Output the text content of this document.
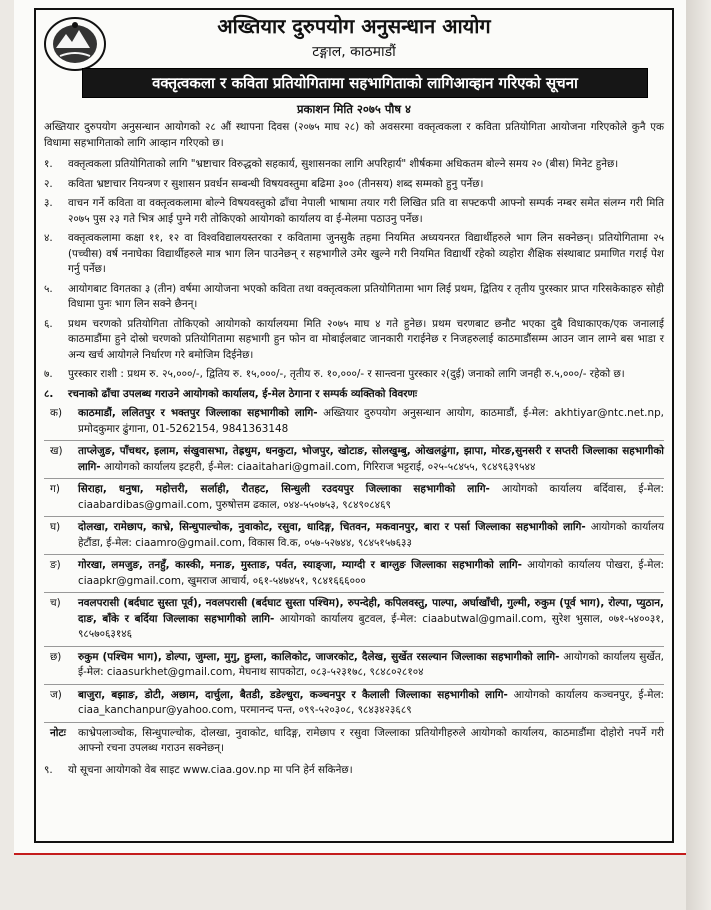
अख्तियार दुरुपयोग अनुसन्धान आयोग
टङ्गाल, काठमाडौं
वक्तृत्वकला र कविता प्रतियोगितामा सहभागिताको लागिआव्हान गरिएको सूचना
प्रकाशन मिति २०७५ पौष ४

अख्तियार दुरुपयोग अनुसन्धान आयोगको २८ औं स्थापना दिवस (२०७५ माघ २८) को अवसरमा वक्तृत्वकला र कविता प्रतियोगिता आयोजना गरिएकोले कुनै एक विधामा सहभागिताको लागि आव्हान गरिएको छ।

१.	वक्तृत्वकला प्रतियोगिताको लागि "भ्रष्टाचार विरुद्धको सहकार्य, सुशासनका लागि अपरिहार्य" शीर्षकमा अधिकतम बोल्ने समय २० (बीस) मिनेट हुनेछ।
२.	कविता भ्रष्टाचार नियन्त्रण र सुशासन प्रवर्धन सम्बन्धी विषयवस्तुमा बढिमा ३०० (तीनसय) शब्द सम्मको हुनु पर्नेछ।
३.	वाचन गर्ने कविता वा वक्तृत्वकलामा बोल्ने विषयवस्तुको ढाँचा नेपाली भाषामा तयार गरी लिखित प्रति वा सफ्टकपी आफ्नो सम्पर्क नम्बर समेत संलग्न गरी मिति २०७५ पुस २३ गते भित्र आई पुग्ने गरी तोकिएको आयोगको कार्यालय वा ई-मेलमा पठाउनु पर्नेछ।
४.	वक्तृत्वकलामा कक्षा ११, १२ वा विश्वविद्यालयस्तरका र कवितामा जुनसुकै तहमा नियमित अध्ययनरत विद्यार्थीहरुले भाग लिन सक्नेछन्। प्रतियोगितामा २५ (पच्चीस) वर्ष ननाघेका विद्यार्थीहरुले मात्र भाग लिन पाउनेछन् र सहभागीले उमेर खुल्ने गरी नियमित विद्यार्थी रहेको व्यहोरा शैक्षिक संस्थाबाट प्रमाणित गराई पेश गर्नु पर्नेछ।
५.	आयोगबाट विगतका ३ (तीन) वर्षमा आयोजना भएको कविता तथा वक्तृत्वकला प्रतियोगितामा भाग लिई प्रथम, द्वितिय र तृतीय पुरस्कार प्राप्त गरिसकेकाहरु सोही विधामा पुनः भाग लिन सक्ने छैनन्।
६.	प्रथम चरणको प्रतियोगिता तोकिएको आयोगको कार्यालयमा मिति २०७५ माघ ४ गते हुनेछ। प्रथम चरणबाट छनौट भएका दुबै विधाकाएक/एक जनालाई काठमाडौंमा हुने दोस्रो चरणको प्रतियोगितामा सहभागी हुन फोन वा मोबाईलबाट जानकारी गराईनेछ र निजहरुलाई काठमाडौंसम्म आउन जान लाग्ने बस भाडा र अन्य खर्च आयोगले निर्धारण गरे बमोजिम दिईनेछ।
७.	पुरस्कार राशी : प्रथम रु. २५,०००/-, द्वितिय रु. १५,०००/-, तृतीय रु. १०,०००/- र सान्त्वना पुरस्कार २(दुई) जनाको लागि जनही रु.५,०००/- रहेको छ।
८.	रचनाको ढाँचा उपलब्ध गराउने आयोगको कार्यालय, ई-मेल ठेगाना र सम्पर्क व्यक्तिको विवरणः
क)	काठमाडौं, ललितपुर र भक्तपुर जिल्लाका सहभागीको लागि- अख्तियार दुरुपयोग अनुसन्धान आयोग, काठमाडौं, ई-मेल: akhtiyar@ntc.net.np, प्रमोदकुमार ढुंगाना, 01-5262154, 9841363148
ख)	ताप्लेजुङ, पाँचथर, इलाम, संखुवासभा, तेह्रथुम, धनकुटा, भोजपुर, खोटाङ, सोलखुम्बु, ओखलढुंगा, झापा, मोरङ,सुनसरी र सप्तरी जिल्लाका सहभागीको लागि- आयोगको कार्यालय इटहरी, ई-मेल: ciaaitahari@gmail.com, गिरिराज भट्टराई, ०२५-५८४५५, ९८४९६३९५४४
ग)	सिराहा, धनुषा, महोत्तरी, सर्लाही, रौतहट, सिन्धुली रउदयपुर जिल्लाका सहभागीको लागि- आयोगको कार्यालय बर्दिवास, ई-मेल: ciaabardibas@gmail.com, पुरुषोत्तम ढकाल, ०४४-५५०७५३, ९८४९०८४६९
घ)	दोलखा, रामेछाप, काभ्रे, सिन्धुपाल्चोक, नुवाकोट, रसुवा, धादिङ्ग, चितवन, मकवानपुर, बारा र पर्सा जिल्लाका सहभागीको लागि- आयोगको कार्यालय हेटौंडा, ई-मेल: ciaamro@gmail.com, विकास वि.क, ०५७-५२७४४, ९८४५१५७६३३
ङ)	गोरखा, लमजुङ, तनहुँ, कास्की, मनाङ, मुस्ताङ, पर्वत, स्याङ्जा, म्याग्दी र बाग्लुङ जिल्लाका सहभागीको लागि- आयोगको कार्यालय पोखरा, ई-मेल: ciaapkr@gmail.com, खुमराज आचार्य, ०६१-५४७४५१, ९८४१६६६०००
च)	नवलपरासी (बर्दघाट सुस्ता पूर्व), नवलपरासी (बर्दघाट सुस्ता पश्चिम), रुपन्देही, कपिलवस्तु, पाल्पा, अर्घाखाँची, गुल्मी, रुकुम (पूर्व भाग), रोल्पा, प्युठान, दाङ, बाँके र बर्दिया जिल्लाका सहभागीको लागि- आयोगको कार्यालय बुटवल, ई-मेल: ciaabutwal@gmail.com, सुरेश भुसाल, ०७१-५४००३१, ९८५७०६३१४६
छ)	रुकुम (पश्चिम भाग), डोल्पा, जुम्ला, मुगु, हुम्ला, कालिकोट, जाजरकोट, दैलेख, सुर्खेत रसल्यान जिल्लाका सहभागीको लागि- आयोगको कार्यालय सुर्खेत, ई-मेल: ciaasurkhet@gmail.com, मेघनाथ सापकोटा, ०८३-५२३१७८, ९८४८०२८१०४
ज)	बाजुरा, बझाङ, डोटी, अछाम, दार्चुला, बैतडी, डडेल्धुरा, कञ्चनपुर र कैलाली जिल्लाका सहभागीको लागि- आयोगको कार्यालय कञ्चनपुर, ई-मेल: ciaa_kanchanpur@yahoo.com, परमानन्द पन्त, ०९९-५२०३०८, ९८४३४२३६८९
नोटः	काभ्रेपलाञ्चोक, सिन्धुपाल्चोक, दोलखा, नुवाकोट, धादिङ्ग, रामेछाप र रसुवा जिल्लाका प्रतियोगीहरुले आयोगको कार्यालय, काठमाडौंमा दोहोरो नपर्ने गरी आफ्नो रचना उपलब्ध गराउन सक्नेछन्।
९.	यो सूचना आयोगको वेब साइट www.ciaa.gov.np मा पनि हेर्न सकिनेछ।
